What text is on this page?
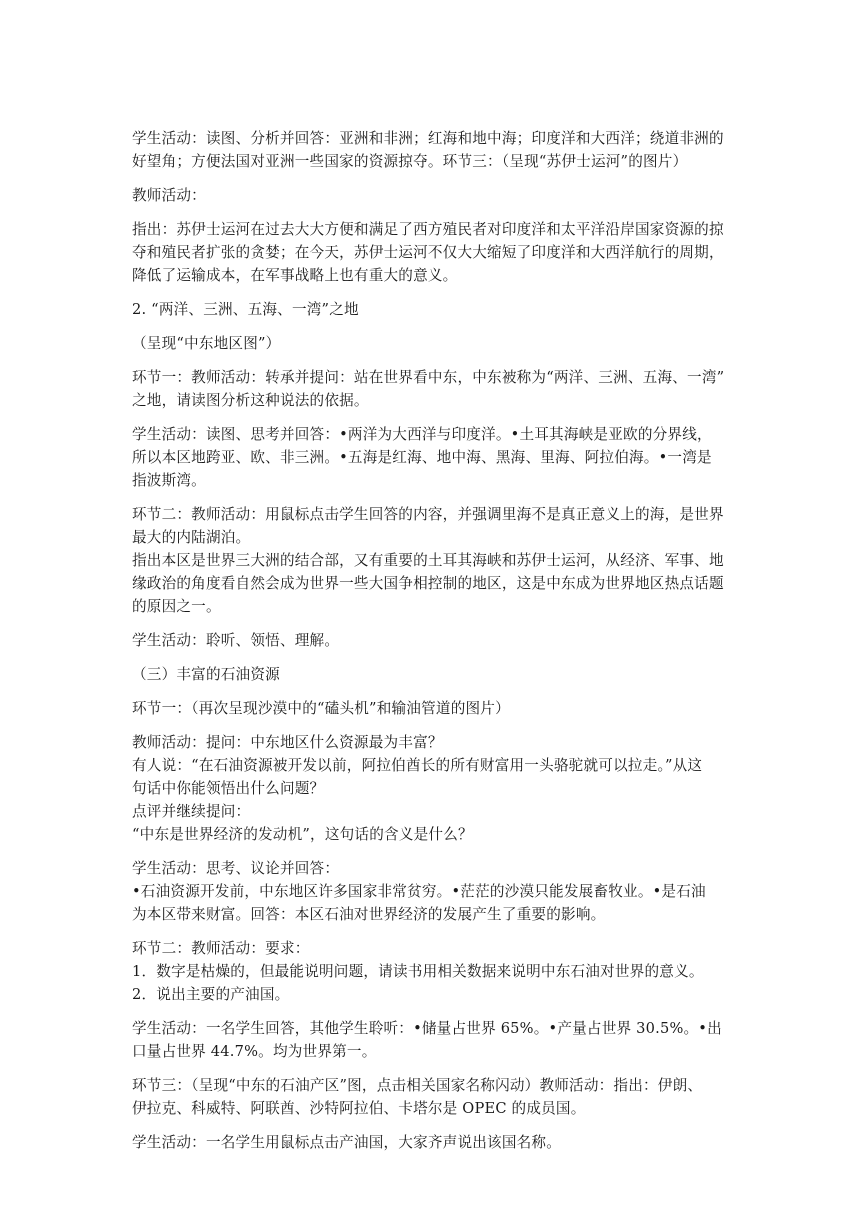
学生活动：读图、分析并回答：亚洲和非洲；红海和地中海；印度洋和大西洋；绕道非洲的
好望角；方便法国对亚洲一些国家的资源掠夺。环节三：（呈现“苏伊士运河”的图片）

教师活动：

指出：苏伊士运河在过去大大方便和满足了西方殖民者对印度洋和太平洋沿岸国家资源的掠
夺和殖民者扩张的贪婪；在今天，苏伊士运河不仅大大缩短了印度洋和大西洋航行的周期，
降低了运输成本，在军事战略上也有重大的意义。

2. “两洋、三洲、五海、一湾”之地

（呈现“中东地区图”）

环节一：教师活动：转承并提问：站在世界看中东，中东被称为“两洋、三洲、五海、一湾”
之地，请读图分析这种说法的依据。

学生活动：读图、思考并回答：•两洋为大西洋与印度洋。•土耳其海峡是亚欧的分界线，
所以本区地跨亚、欧、非三洲。•五海是红海、地中海、黑海、里海、阿拉伯海。•一湾是
指波斯湾。

环节二：教师活动：用鼠标点击学生回答的内容，并强调里海不是真正意义上的海，是世界
最大的内陆湖泊。
指出本区是世界三大洲的结合部，又有重要的土耳其海峡和苏伊士运河，从经济、军事、地
缘政治的角度看自然会成为世界一些大国争相控制的地区，这是中东成为世界地区热点话题
的原因之一。

学生活动：聆听、领悟、理解。

（三）丰富的石油资源

环节一：（再次呈现沙漠中的“磕头机”和输油管道的图片）

教师活动：提问：中东地区什么资源最为丰富？
有人说：“在石油资源被开发以前，阿拉伯酋长的所有财富用一头骆驼就可以拉走。”从这
句话中你能领悟出什么问题？
点评并继续提问：
“中东是世界经济的发动机”，这句话的含义是什么？

学生活动：思考、议论并回答：
•石油资源开发前，中东地区许多国家非常贫穷。•茫茫的沙漠只能发展畜牧业。•是石油
为本区带来财富。回答：本区石油对世界经济的发展产生了重要的影响。

环节二：教师活动：要求：
1．数字是枯燥的，但最能说明问题，请读书用相关数据来说明中东石油对世界的意义。
2．说出主要的产油国。

学生活动：一名学生回答，其他学生聆听：•储量占世界 65%。•产量占世界 30.5%。•出
口量占世界 44.7%。均为世界第一。

环节三：（呈现“中东的石油产区”图，点击相关国家名称闪动）教师活动：指出：伊朗、
伊拉克、科威特、阿联酋、沙特阿拉伯、卡塔尔是 OPEC 的成员国。

学生活动：一名学生用鼠标点击产油国，大家齐声说出该国名称。
